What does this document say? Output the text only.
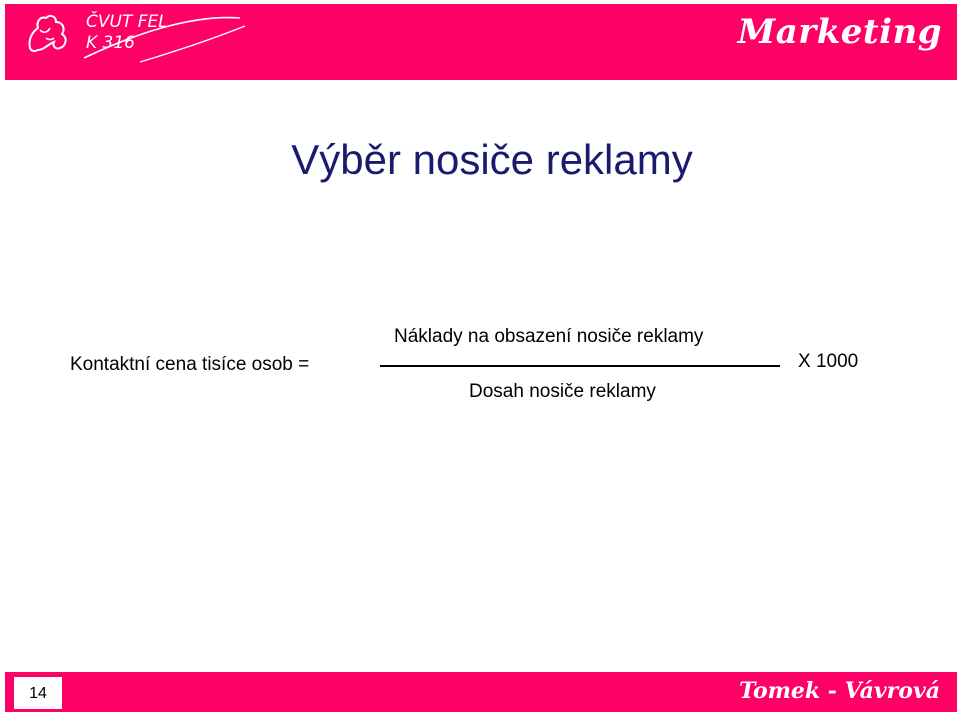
ČVUT FEL
K 316	Marketing
Výběr nosiče reklamy
Kontaktní cena tisíce osob =
Náklady na obsazení nosiče reklamy
Dosah nosiče reklamy
X 1000
14	Tomek - Vávrová
